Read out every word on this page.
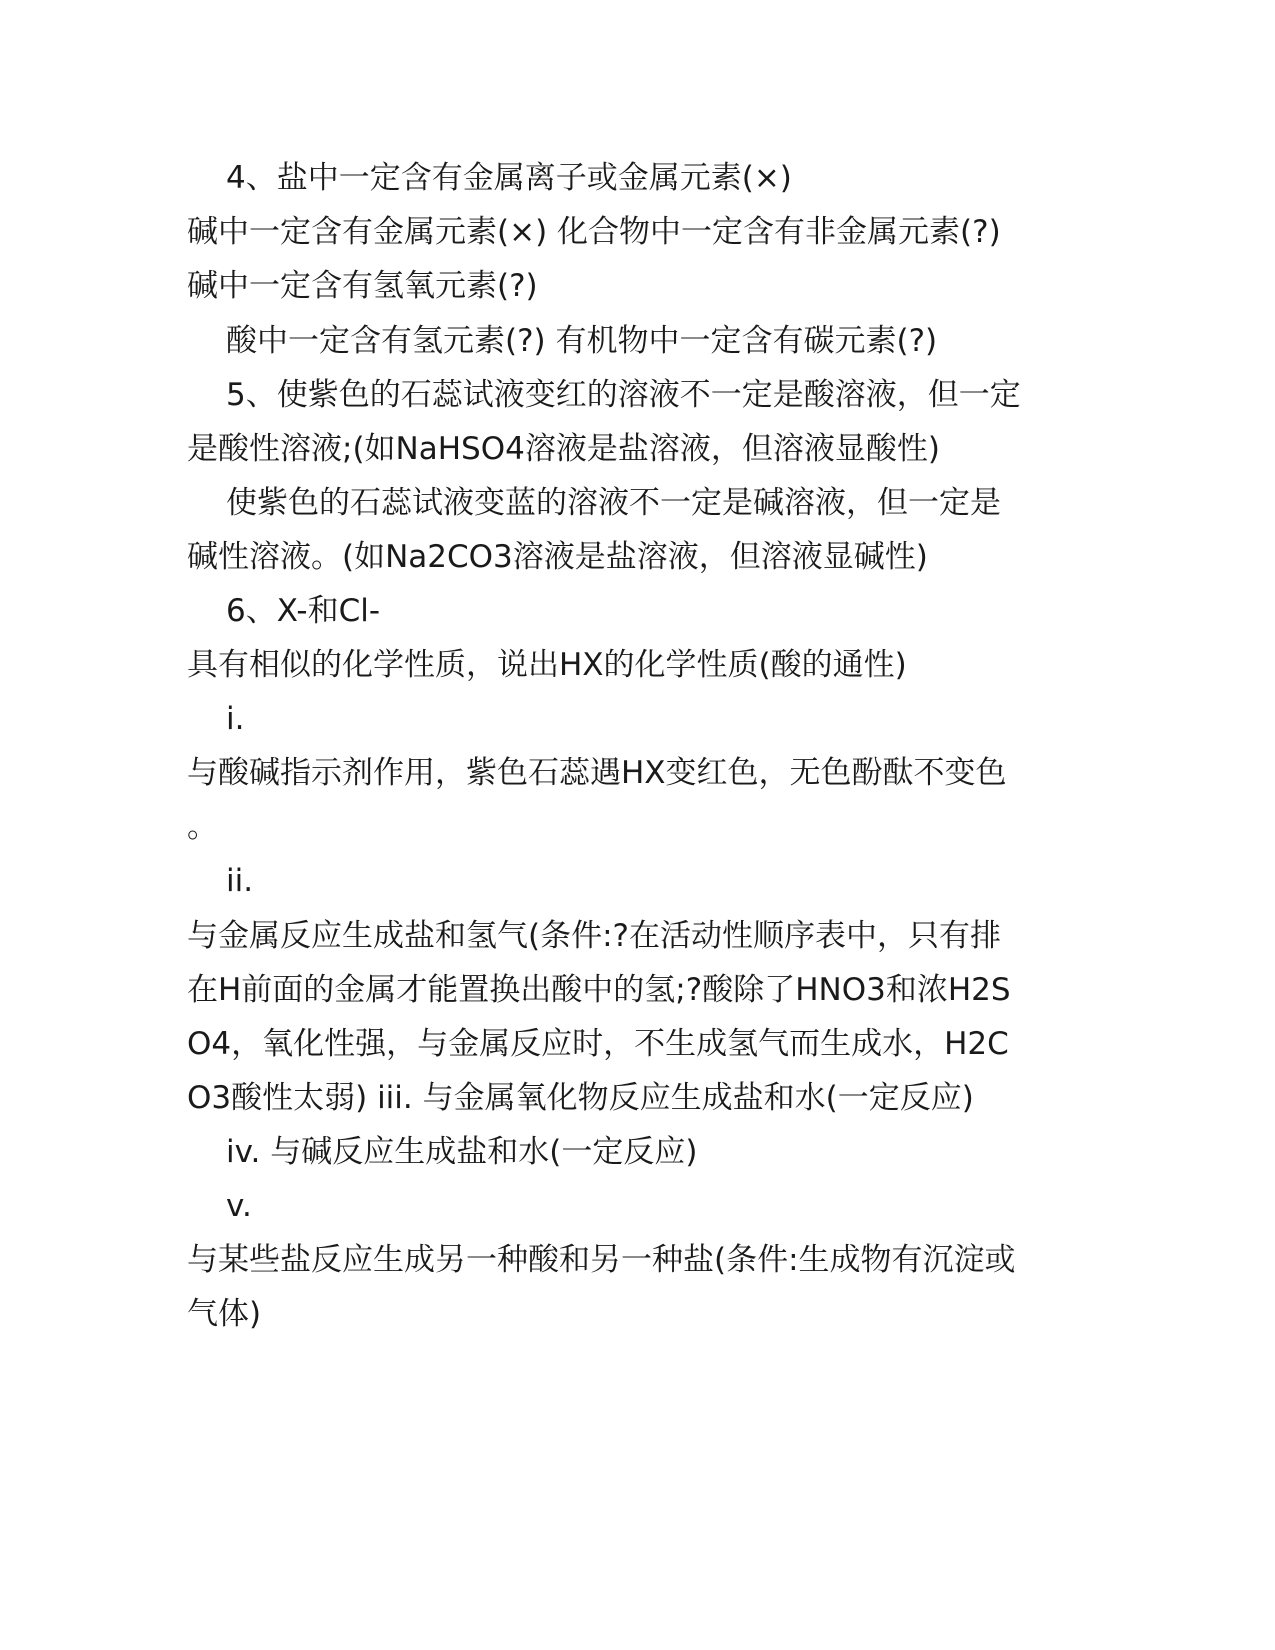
4、盐中一定含有金属离子或金属元素(×)
碱中一定含有金属元素(×) 化合物中一定含有非金属元素(?)
碱中一定含有氢氧元素(?)
酸中一定含有氢元素(?) 有机物中一定含有碳元素(?)
5、使紫色的石蕊试液变红的溶液不一定是酸溶液，但一定
是酸性溶液;(如NaHSO4溶液是盐溶液，但溶液显酸性)
使紫色的石蕊试液变蓝的溶液不一定是碱溶液，但一定是
碱性溶液。(如Na2CO3溶液是盐溶液，但溶液显碱性)
6、X-和Cl-
具有相似的化学性质，说出HX的化学性质(酸的通性)
i.
与酸碱指示剂作用，紫色石蕊遇HX变红色，无色酚酞不变色
。
ii.
与金属反应生成盐和氢气(条件:?在活动性顺序表中，只有排
在H前面的金属才能置换出酸中的氢;?酸除了HNO3和浓H2S
O4，氧化性强，与金属反应时，不生成氢气而生成水，H2C
O3酸性太弱) iii. 与金属氧化物反应生成盐和水(一定反应)
iv. 与碱反应生成盐和水(一定反应)
v.
与某些盐反应生成另一种酸和另一种盐(条件:生成物有沉淀或
气体)
